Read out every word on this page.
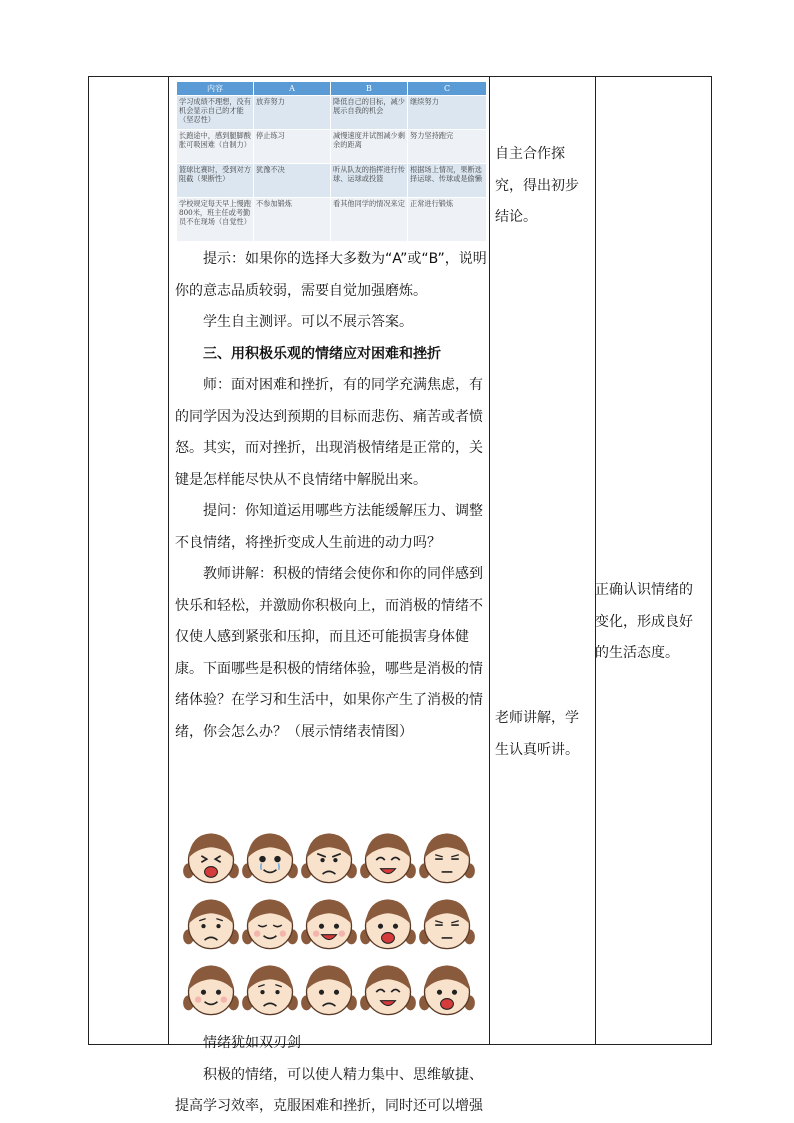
内容	A	B	C
学习成绩不理想，没有机会显示自己的才能（坚忍性）	放弃努力	降低自己的目标，减少展示自我的机会	继续努力
长跑途中，感到腿脚酸胀可吸困难（自制力）	停止练习	减慢速度并试图减少剩余的距离	努力坚持跑完
篮球比赛时，受到对方阻截（果断性）	犹豫不决	听从队友的指挥进行传球、运球或投篮	根据场上情况，果断选择运球、传球或是偷懒
学校规定每天早上慢跑800米，班主任或考勤员不在现场（自觉性）	不参加锻炼	看其他同学的情况来定	正常进行锻炼

提示：如果你的选择大多数为“A”或“B”，说明你的意志品质较弱，需要自觉加强磨炼。

学生自主测评。可以不展示答案。

三、用积极乐观的情绪应对困难和挫折

师：面对困难和挫折，有的同学充满焦虑，有的同学因为没达到预期的目标而悲伤、痛苦或者愤怒。其实，而对挫折，出现消极情绪是正常的，关键是怎样能尽快从不良情绪中解脱出来。

提问：你知道运用哪些方法能缓解压力、调整不良情绪，将挫折变成人生前进的动力吗？

教师讲解：积极的情绪会使你和你的同伴感到快乐和轻松，并激励你积极向上，而消极的情绪不仅使人感到紧张和压抑，而且还可能损害身体健康。下面哪些是积极的情绪体验，哪些是消极的情绪体验？在学习和生活中，如果你产生了消极的情绪，你会怎么办？（展示情绪表情图）

情绪犹如双刃剑

积极的情绪，可以使人精力集中、思维敏捷、提高学习效率，克服困难和挫折，同时还可以增强

自主合作探究，得出初步结论。
老师讲解，学生认真听讲。
正确认识情绪的变化，形成良好的生活态度。
